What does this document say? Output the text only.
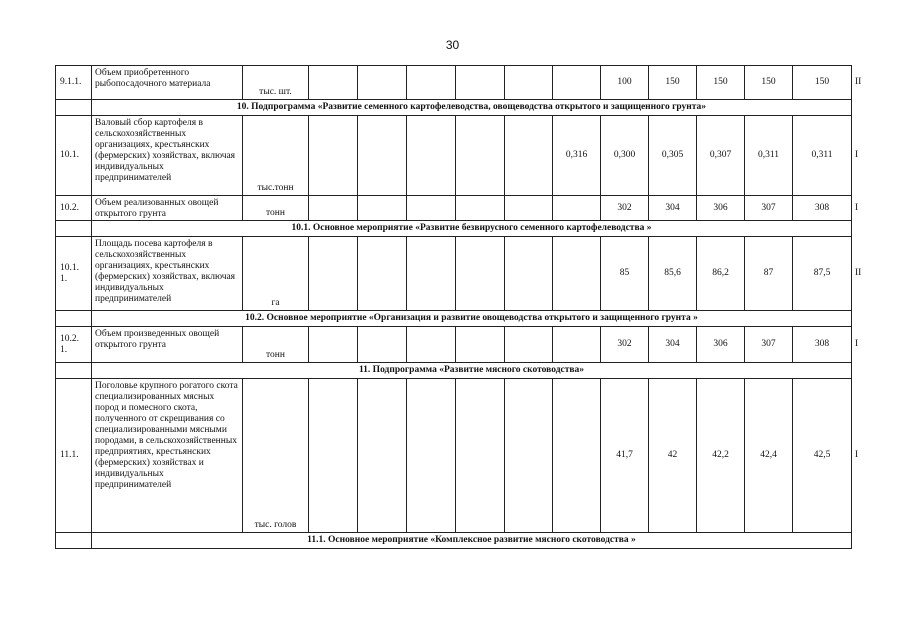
30
9.1.1.	Объем приобретенного рыбопосадочного материала	тыс. шт.							100	150	150	150	150	II
	10. Подпрограмма «Развитие семенного картофелеводства, овощеводства открытого и защищенного грунта»													
10.1.	Валовый сбор картофеля в сельскохозяйственных организациях, крестьянских (фермерских) хозяйствах, включая индивидуальных предпринимателей	тыс.тонн						0,316	0,300	0,305	0,307	0,311	0,311	I
10.2.	Объем реализованных овощей открытого грунта	тонн							302	304	306	307	308	I
	10.1. Основное мероприятие «Развитие безвирусного семенного картофелеводства »													
10.1. 1.	Площадь посева картофеля в сельскохозяйственных организациях, крестьянских (фермерских) хозяйствах, включая индивидуальных предпринимателей	га							85	85,6	86,2	87	87,5	II
	10.2. Основное мероприятие «Организация и развитие овощеводства открытого и защищенного грунта »													
10.2. 1.	Объем произведенных овощей открытого грунта	тонн							302	304	306	307	308	I
	11. Подпрограмма «Развитие мясного скотоводства»													
11.1.	Поголовье крупного рогатого скота специализированных мясных пород и помесного скота, полученного от скрещивания со специализированными мясными породами, в сельскохозяйственных предприятиях, крестьянских (фермерских) хозяйствах и индивидуальных предпринимателей	тыс. голов							41,7	42	42,2	42,4	42,5	I
	11.1. Основное мероприятие «Комплексное развитие мясного скотоводства »													
